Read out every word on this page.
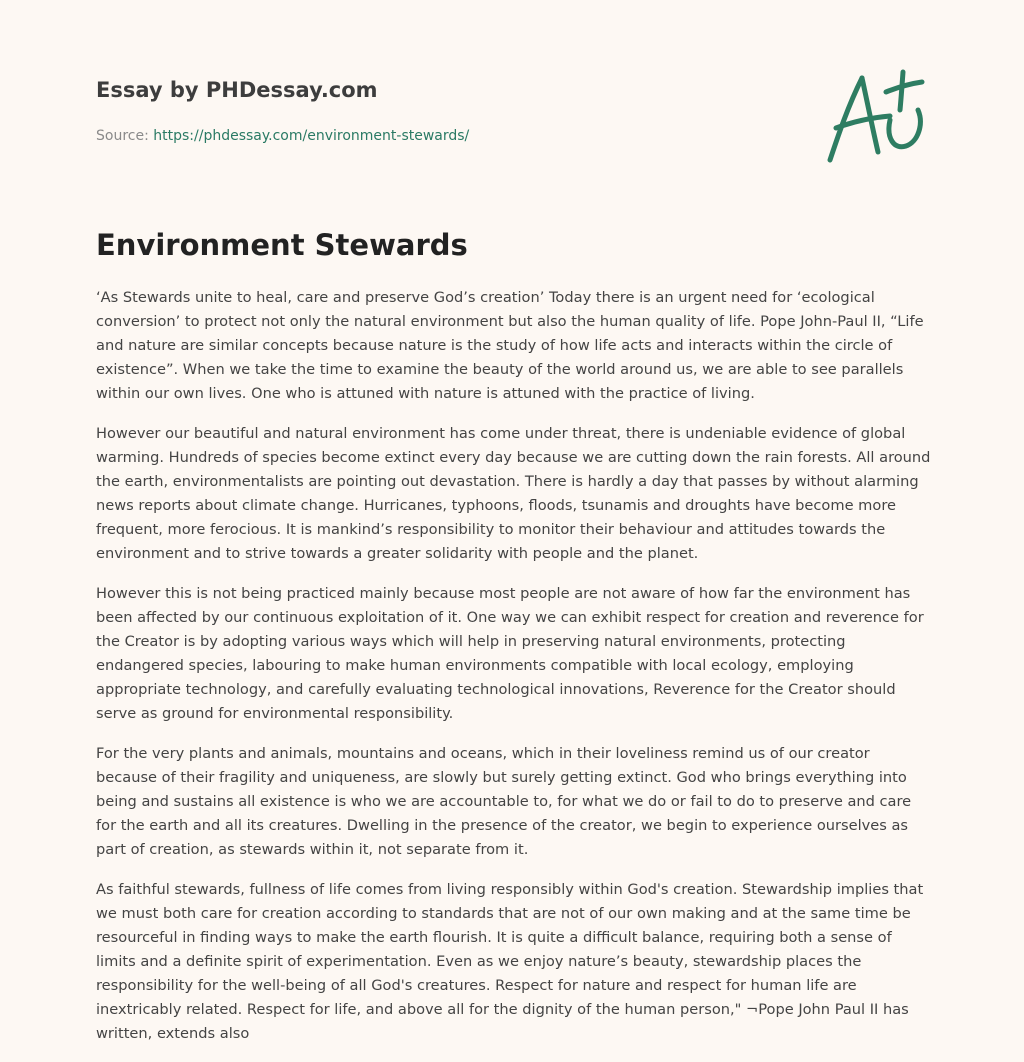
Essay by PHDessay.com
Source: https://phdessay.com/environment-stewards/
Environment Stewards

‘As Stewards unite to heal, care and preserve God’s creation’ Today there is an urgent need for ‘ecological conversion’ to protect not only the natural environment but also the human quality of life. Pope John-Paul II, “Life and nature are similar concepts because nature is the study of how life acts and interacts within the circle of existence”. When we take the time to examine the beauty of the world around us, we are able to see parallels within our own lives. One who is attuned with nature is attuned with the practice of living.

However our beautiful and natural environment has come under threat, there is undeniable evidence of global warming. Hundreds of species become extinct every day because we are cutting down the rain forests. All around the earth, environmentalists are pointing out devastation. There is hardly a day that passes by without alarming news reports about climate change. Hurricanes, typhoons, floods, tsunamis and droughts have become more frequent, more ferocious. It is mankind’s responsibility to monitor their behaviour and attitudes towards the environment and to strive towards a greater solidarity with people and the planet.

However this is not being practiced mainly because most people are not aware of how far the environment has been affected by our continuous exploitation of it. One way we can exhibit respect for creation and reverence for the Creator is by adopting various ways which will help in preserving natural environments, protecting endangered species, labouring to make human environments compatible with local ecology, employing appropriate technology, and carefully evaluating technological innovations, Reverence for the Creator should serve as ground for environmental responsibility.

For the very plants and animals, mountains and oceans, which in their loveliness remind us of our creator because of their fragility and uniqueness, are slowly but surely getting extinct. God who brings everything into being and sustains all existence is who we are accountable to, for what we do or fail to do to preserve and care for the earth and all its creatures. Dwelling in the presence of the creator, we begin to experience ourselves as part of creation, as stewards within it, not separate from it.

As faithful stewards, fullness of life comes from living responsibly within God's creation. Stewardship implies that we must both care for creation according to standards that are not of our own making and at the same time be resourceful in finding ways to make the earth flourish. It is quite a difficult balance, requiring both a sense of limits and a definite spirit of experimentation. Even as we enjoy nature’s beauty, stewardship places the responsibility for the well-being of all God's creatures. Respect for nature and respect for human life are inextricably related. Respect for life, and above all for the dignity of the human person," ¬Pope John Paul II has written, extends also
